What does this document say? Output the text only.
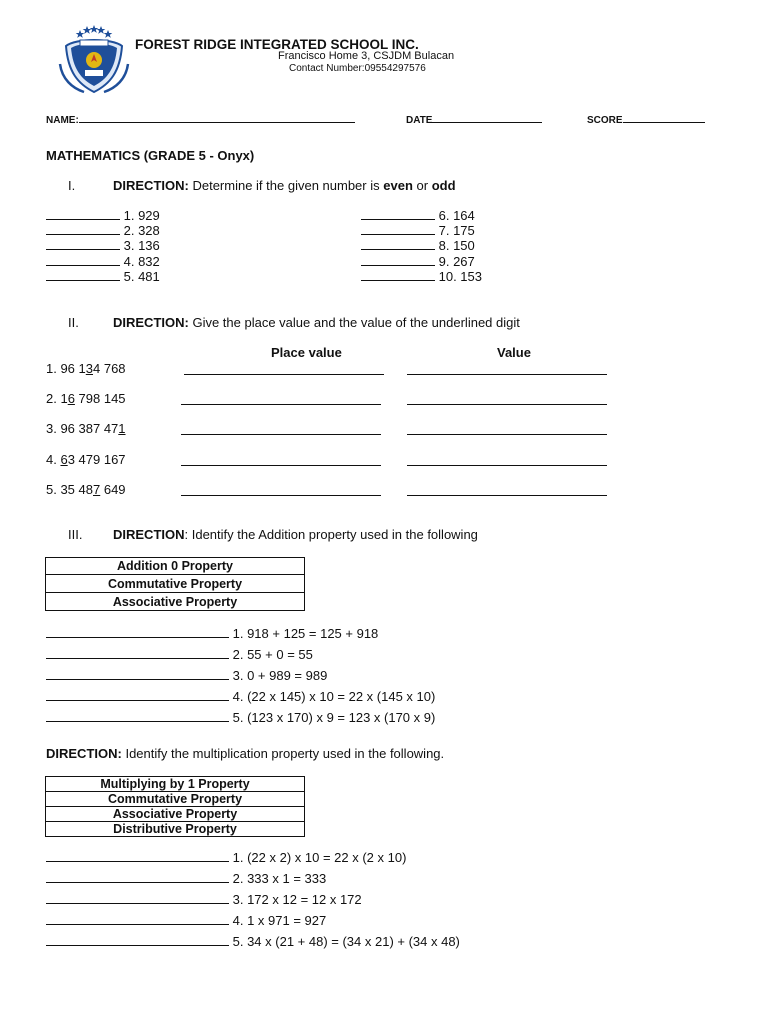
FOREST RIDGE INTEGRATED SCHOOL INC.
Francisco Home 3, CSJDM Bulacan
Contact Number:09554297576
NAME:	DATE	SCORE
MATHEMATICS (GRADE 5 - Onyx)
I.	DIRECTION: Determine if the given number is even or odd
1. 929
2. 328
3. 136
4. 832
5. 481
6. 164
7. 175
8. 150
9. 267
10. 153
II.	DIRECTION: Give the place value and the value of the underlined digit
Place value	Value
1. 96 134 768
2. 16 798 145
3. 96 387 471
4. 63 479 167
5. 35 487 649
III. DIRECTION: Identify the Addition property used in the following
Addition 0 Property
Commutative Property
Associative Property
1. 918 + 125 = 125 + 918
2. 55 + 0 = 55
3. 0 + 989 = 989
4. (22 x 145) x 10 = 22 x (145 x 10)
5. (123 x 170) x 9 = 123 x (170 x 9)
DIRECTION: Identify the multiplication property used in the following.
Multiplying by 1 Property
Commutative Property
Associative Property
Distributive Property
1. (22 x 2) x 10 = 22 x (2 x 10)
2. 333 x 1 = 333
3. 172 x 12 = 12 x 172
4. 1 x 971 = 927
5. 34 x (21 + 48) = (34 x 21) + (34 x 48)
